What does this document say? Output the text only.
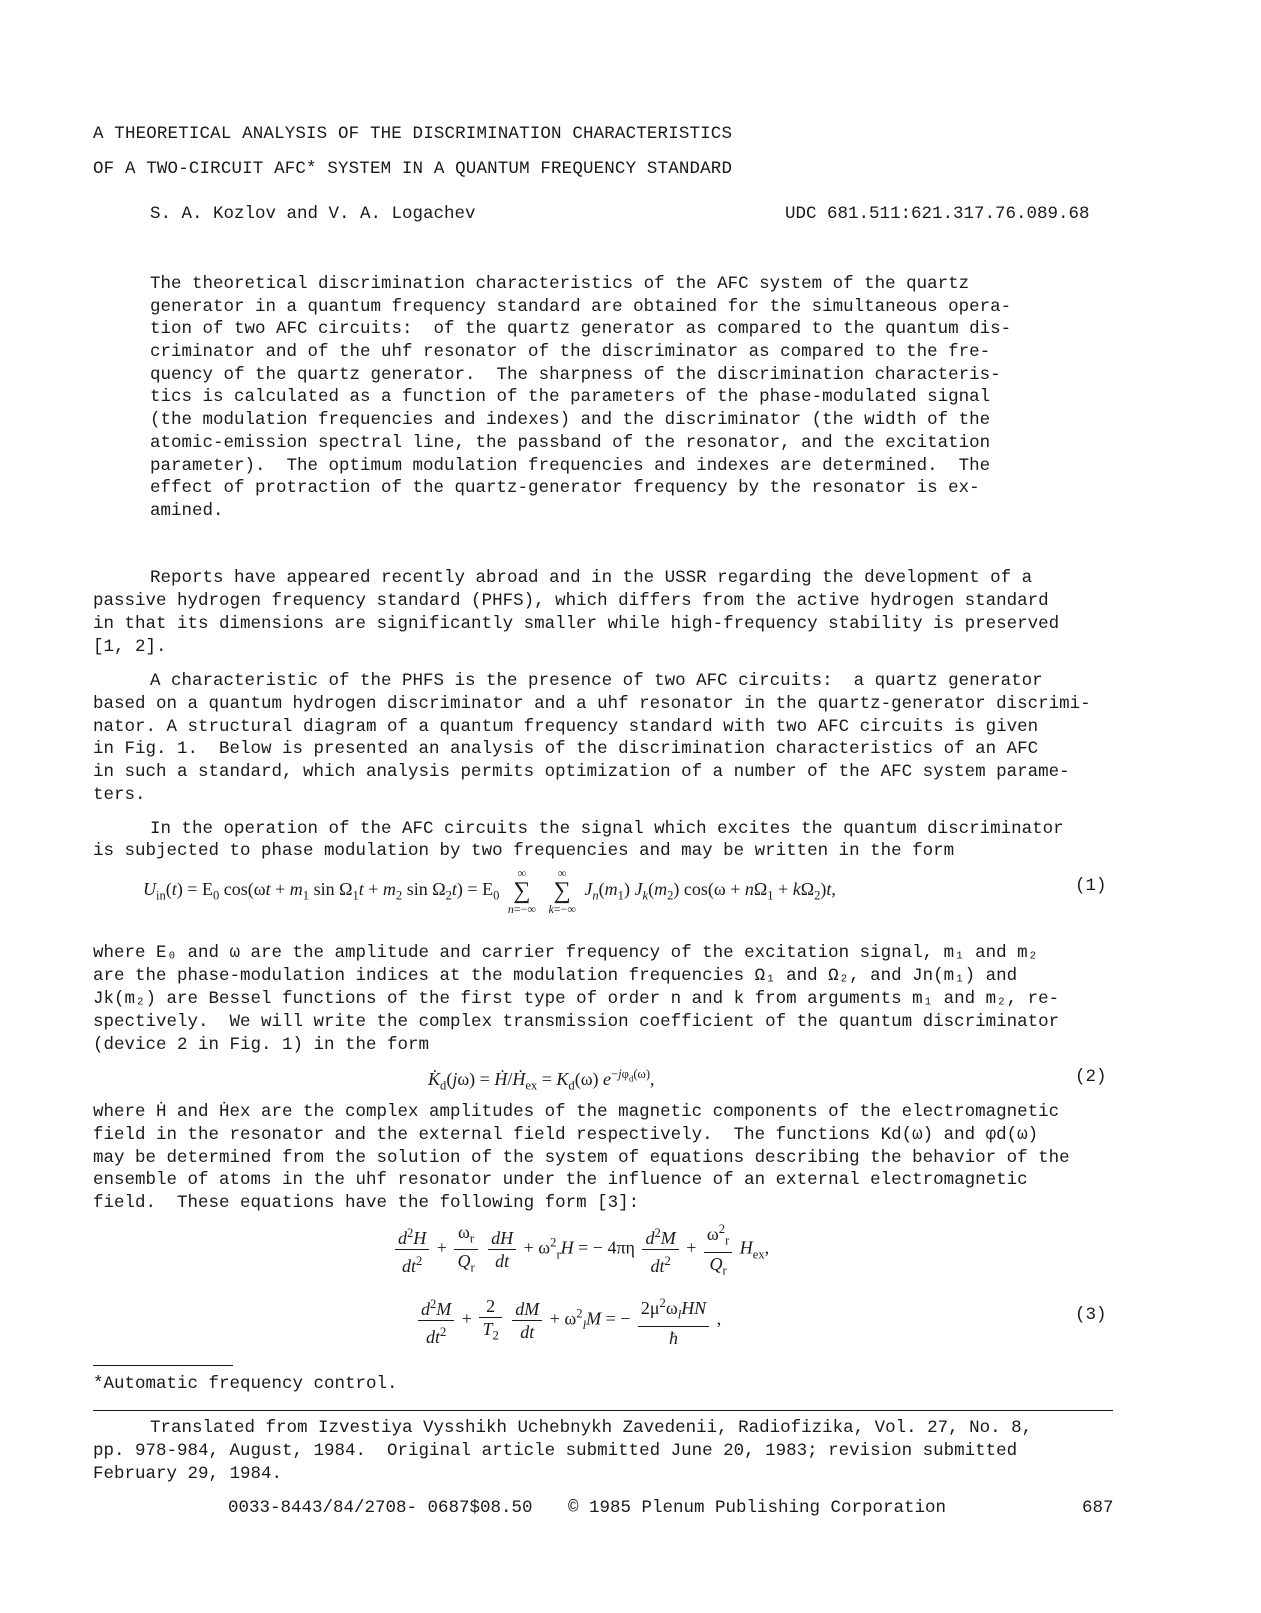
A THEORETICAL ANALYSIS OF THE DISCRIMINATION CHARACTERISTICS
OF A TWO-CIRCUIT AFC* SYSTEM IN A QUANTUM FREQUENCY STANDARD
S. A. Kozlov and V. A. Logachev	UDC 681.511:621.317.76.089.68
The theoretical discrimination characteristics of the AFC system of the quartz
generator in a quantum frequency standard are obtained for the simultaneous opera-
tion of two AFC circuits:  of the quartz generator as compared to the quantum dis-
criminator and of the uhf resonator of the discriminator as compared to the fre-
quency of the quartz generator.  The sharpness of the discrimination characteris-
tics is calculated as a function of the parameters of the phase-modulated signal
(the modulation frequencies and indexes) and the discriminator (the width of the
atomic-emission spectral line, the passband of the resonator, and the excitation
parameter).  The optimum modulation frequencies and indexes are determined.  The
effect of protraction of the quartz-generator frequency by the resonator is ex-
amined.
Reports have appeared recently abroad and in the USSR regarding the development of a
passive hydrogen frequency standard (PHFS), which differs from the active hydrogen standard
in that its dimensions are significantly smaller while high-frequency stability is preserved
[1, 2].
A characteristic of the PHFS is the presence of two AFC circuits:  a quartz generator
based on a quantum hydrogen discriminator and a uhf resonator in the quartz-generator discrimi-
nator. A structural diagram of a quantum frequency standard with two AFC circuits is given
in Fig. 1.  Below is presented an analysis of the discrimination characteristics of an AFC
in such a standard, which analysis permits optimization of a number of the AFC system parame-
ters.
In the operation of the AFC circuits the signal which excites the quantum discriminator
is subjected to phase modulation by two frequencies and may be written in the form
$U_{in}(t) = E_0$ $\cos(\omega t + m_1$ $\sin \Omega_1t + m_2$ $\sin \Omega_2t) = E_0$
∞
∑
n=−∞

∞
∑
k=−∞
$J_n(m_1)$ $J_k(m_2) \cos(\omega + n\Omega_1 + k\Omega_2)t$,	(1)
where E₀ and ω are the amplitude and carrier frequency of the excitation signal, m₁ and m₂
are the phase-modulation indices at the modulation frequencies Ω₁ and Ω₂, and Jn(m₁) and
Jk(m₂) are Bessel functions of the first type of order n and k from arguments m₁ and m₂, re-
spectively.  We will write the complex transmission coefficient of the quantum discriminator
(device 2 in Fig. 1) in the form
$K̇_d(j\omega)$ = Ḣ/Ḣ$_{ex}$ = $K_d(\omega)$ $e^{-j\varphi_d(\omega)}$,	(2)
where Ḣ and Ḣex are the complex amplitudes of the magnetic components of the electromagnetic
field in the resonator and the external field respectively.  The functions Kd(ω) and φd(ω)
may be determined from the solution of the system of equations describing the behavior of the
ensemble of atoms in the uhf resonator under the influence of an external electromagnetic
field.  These equations have the following form [3]:
$\frac{d^2H}{dt^2} + \frac{\omega_r}{Q_r}$
$\frac{dH}{dt} + \omega^2_rH$ = − $4\pi\eta \frac{d^2M}{dt^2} + \frac{\omega^2_r}{Q_r} H_{ex}$,
$\frac{d^2M}{dt^2} + \frac{2}{T_2}$
$\frac{dM}{dt} + \omega^2_lM$ = − $\frac{2\mu^2\omega_lHN}{ħ}$ ,	(3)
*Automatic frequency control.
Translated from Izvestiya Vysshikh Uchebnykh Zavedenii, Radiofizika, Vol. 27, No. 8,
pp. 978-984, August, 1984.  Original article submitted June 20, 1983; revision submitted
February 29, 1984.
0033-8443/84/2708- 0687$08.50 © 1985 Plenum Publishing Corporation	687
